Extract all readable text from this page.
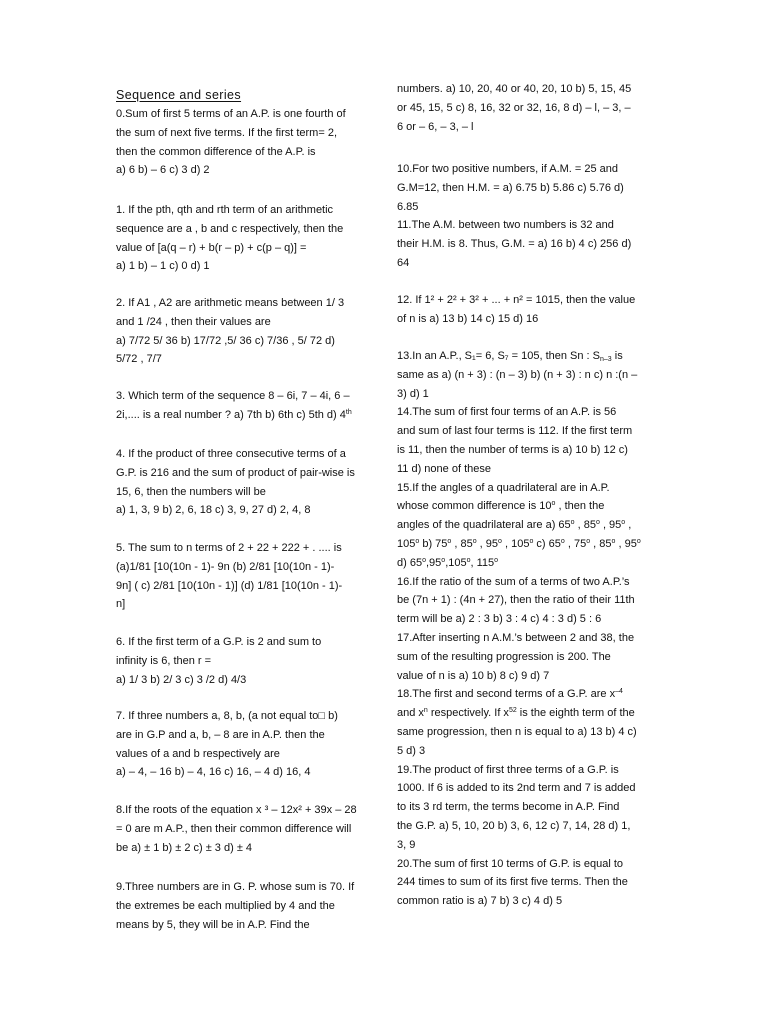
Sequence and series
0.Sum of first 5 terms of an A.P. is one fourth of
the sum of next five terms. If the first term= 2,
then the common difference of the A.P. is
a) 6 b) – 6 c) 3 d) 2
1. If the pth, qth and rth term of an arithmetic
sequence are a , b and c respectively, then the
value of [a(q – r) + b(r – p) + c(p – q)] =
a) 1 b) – 1 c) 0 d) 1
2. If A1 , A2 are arithmetic means between 1/ 3
and 1 /24 , then their values are
a) 7/72 5/ 36 b) 17/72 ,5/ 36 c) 7/36 , 5/ 72 d)
5/72 , 7/7
3. Which term of the sequence 8 – 6i, 7 – 4i, 6 –
2i,.... is a real number ? a) 7th b) 6th c) 5th d) 4th
4. If the product of three consecutive terms of a
G.P. is 216 and the sum of product of pair-wise is
15, 6, then the numbers will be
a) 1, 3, 9 b) 2, 6, 18 c) 3, 9, 27 d) 2, 4, 8
5. The sum to n terms of 2 + 22 + 222 + . .... is
(a)1/81 [10(10n - 1)- 9n (b) 2/81 [10(10n - 1)-
9n] ( c) 2/81 [10(10n - 1)] (d) 1/81 [10(10n - 1)-
n]
6. If the first term of a G.P. is 2 and sum to
infinity is 6, then r =
a) 1/ 3 b) 2/ 3 c) 3 /2 d) 4/3
7. If three numbers a, 8, b, (a not equal to□ b)
are in G.P and a, b, – 8 are in A.P. then the
values of a and b respectively are
a) – 4, – 16 b) – 4, 16 c) 16, – 4 d) 16, 4
8.If the roots of the equation x ³ – 12x² + 39x – 28
= 0 are m A.P., then their common difference will
be a) ± 1 b) ± 2 c) ± 3 d) ± 4
9.Three numbers are in G. P. whose sum is 70. If
the extremes be each multiplied by 4 and the
means by 5, they will be in A.P. Find the
numbers. a) 10, 20, 40 or 40, 20, 10 b) 5, 15, 45
or 45, 15, 5 c) 8, 16, 32 or 32, 16, 8 d) – l, – 3, –
6 or – 6, – 3, – l
10.For two positive numbers, if A.M. = 25 and
G.M=12, then H.M. = a) 6.75 b) 5.86 c) 5.76 d)
6.85
11.The A.M. between two numbers is 32 and
their H.M. is 8. Thus, G.M. = a) 16 b) 4 c) 256 d)
64
12. If 1² + 2² + 3² + ... + n² = 1015, then the value
of n is a) 13 b) 14 c) 15 d) 16
13.In an A.P., S₁= 6, S₇ = 105, then Sn : $S_{n-3}$ is
same as a) (n + 3) : (n – 3) b) (n + 3) : n c) n :(n –
3) d) 1
14.The sum of first four terms of an A.P. is 56
and sum of last four terms is 112. If the first term
is 11, then the number of terms is a) 10 b) 12 c)
11 d) none of these
15.If the angles of a quadrilateral are in A.P.
whose common difference is 10$^o$ , then the
angles of the quadrilateral are a) 65$^o$ , 85$^o$ , 95$^o$ ,
105$^o$ b) 75$^o$ , 85$^o$ , 95$^o$ , 105$^o$ c) 65$^o$ , 75$^o$ , 85$^o$ , 95$^o$
d) 65$^o$,95$^o$,105$^o$, 115$^o$
16.If the ratio of the sum of a terms of two A.P.’s
be (7n + 1) : (4n + 27), then the ratio of their 11th
term will be a) 2 : 3 b) 3 : 4 c) 4 : 3 d) 5 : 6
17.After inserting n A.M.’s between 2 and 38, the
sum of the resulting progression is 200. The
value of n is a) 10 b) 8 c) 9 d) 7
18.The first and second terms of a G.P. are $x^{-4}$
and $x^n$ respectively. If $x^{52}$ is the eighth term of the
same progression, then n is equal to a) 13 b) 4 c)
5 d) 3
19.The product of first three terms of a G.P. is
1000. If 6 is added to its 2nd term and 7 is added
to its 3 rd term, the terms become in A.P. Find
the G.P. a) 5, 10, 20 b) 3, 6, 12 c) 7, 14, 28 d) 1,
3, 9
20.The sum of first 10 terms of G.P. is equal to
244 times to sum of its first five terms. Then the
common ratio is a) 7 b) 3 c) 4 d) 5
